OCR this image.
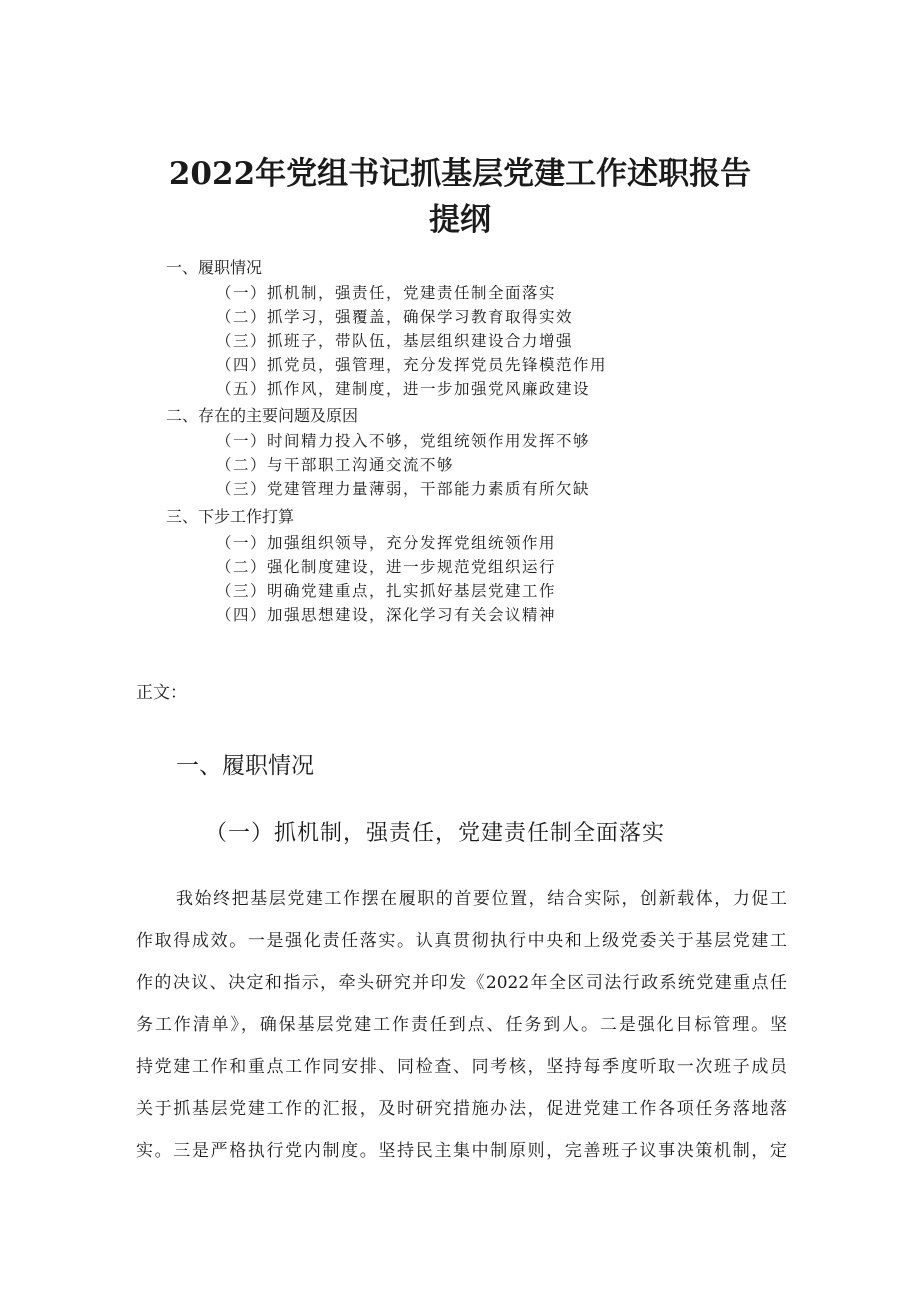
2022年党组书记抓基层党建工作述职报告
提纲
一、履职情况
（一）抓机制，强责任，党建责任制全面落实
（二）抓学习，强覆盖，确保学习教育取得实效
（三）抓班子，带队伍，基层组织建设合力增强
（四）抓党员，强管理，充分发挥党员先锋模范作用
（五）抓作风，建制度，进一步加强党风廉政建设
二、存在的主要问题及原因
（一）时间精力投入不够，党组统领作用发挥不够
（二）与干部职工沟通交流不够
（三）党建管理力量薄弱，干部能力素质有所欠缺
三、下步工作打算
（一）加强组织领导，充分发挥党组统领作用
（二）强化制度建设，进一步规范党组织运行
（三）明确党建重点，扎实抓好基层党建工作
（四）加强思想建设，深化学习有关会议精神
正文：
一、履职情况
（一）抓机制，强责任，党建责任制全面落实
我始终把基层党建工作摆在履职的首要位置，结合实际，创新载体，力促工
作取得成效。一是强化责任落实。认真贯彻执行中央和上级党委关于基层党建工
作的决议、决定和指示，牵头研究并印发《2022年全区司法行政系统党建重点任
务工作清单》，确保基层党建工作责任到点、任务到人。二是强化目标管理。坚
持党建工作和重点工作同安排、同检查、同考核，坚持每季度听取一次班子成员
关于抓基层党建工作的汇报，及时研究措施办法，促进党建工作各项任务落地落
实。三是严格执行党内制度。坚持民主集中制原则，完善班子议事决策机制，定
